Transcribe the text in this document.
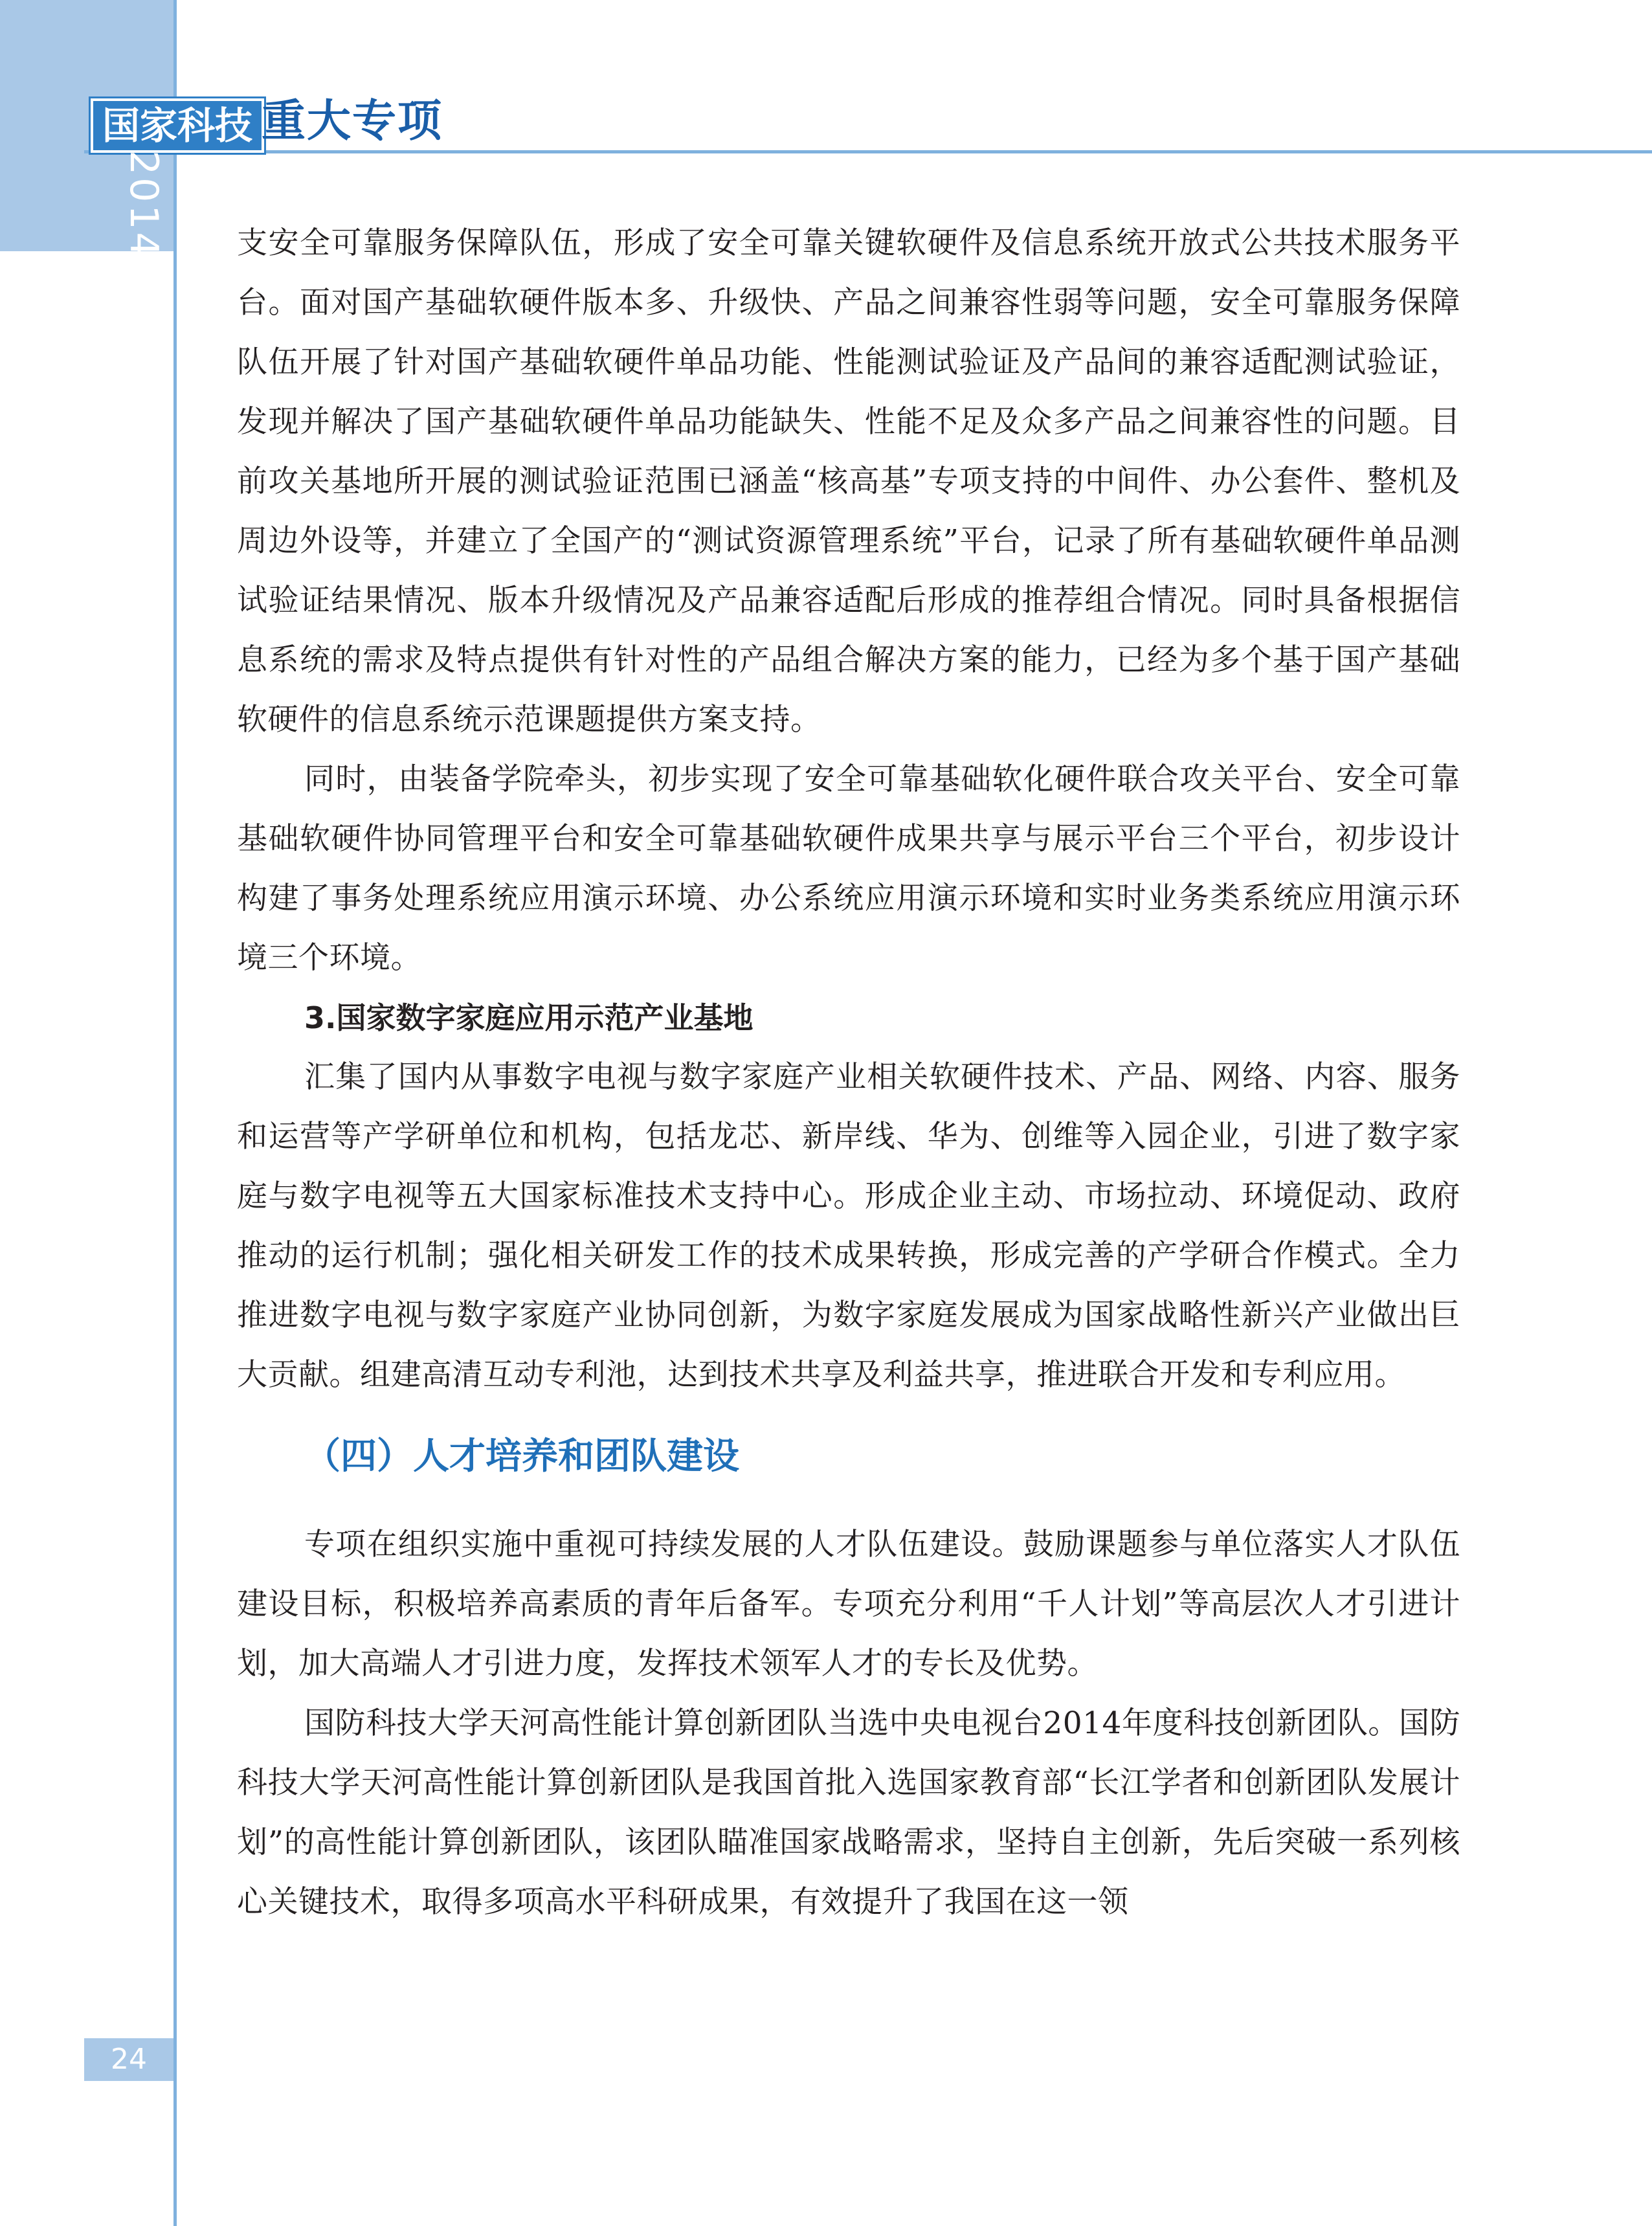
国家科技 重大专项
2014 年度报告 支安全可靠服务保障队伍，形成了安全可靠关键软硬件及信息系统开放式公共技术服务平台。面对国产基础软硬件版本多、升级快、产品之间兼容性弱等问题，安全可靠服务保障队伍开展了针对国产基础软硬件单品功能、性能测试验证及产品间的兼容适配测试验证，发现并解决了国产基础软硬件单品功能缺失、性能不足及众多产品之间兼容性的问题。目前攻关基地所开展的测试验证范围已涵盖“核高基”专项支持的中间件、办公套件、整机及周边外设等，并建立了全国产的“测试资源管理系统”平台，记录了所有基础软硬件单品测试验证结果情况、版本升级情况及产品兼容适配后形成的推荐组合情况。同时具备根据信息系统的需求及特点提供有针对性的产品组合解决方案的能力，已经为多个基于国产基础软硬件的信息系统示范课题提供方案支持。

同时，由装备学院牵头，初步实现了安全可靠基础软化硬件联合攻关平台、安全可靠基础软硬件协同管理平台和安全可靠基础软硬件成果共享与展示平台三个平台，初步设计构建了事务处理系统应用演示环境、办公系统应用演示环境和实时业务类系统应用演示环境三个环境。

3.国家数字家庭应用示范产业基地

汇集了国内从事数字电视与数字家庭产业相关软硬件技术、产品、网络、内容、服务和运营等产学研单位和机构，包括龙芯、新岸线、华为、创维等入园企业，引进了数字家庭与数字电视等五大国家标准技术支持中心。形成企业主动、市场拉动、环境促动、政府推动的运行机制；强化相关研发工作的技术成果转换，形成完善的产学研合作模式。全力推进数字电视与数字家庭产业协同创新，为数字家庭发展成为国家战略性新兴产业做出巨大贡献。组建高清互动专利池，达到技术共享及利益共享，推进联合开发和专利应用。

（四）人才培养和团队建设

专项在组织实施中重视可持续发展的人才队伍建设。鼓励课题参与单位落实人才队伍建设目标，积极培养高素质的青年后备军。专项充分利用“千人计划”等高层次人才引进计划，加大高端人才引进力度，发挥技术领军人才的专长及优势。

国防科技大学天河高性能计算创新团队当选中央电视台2014年度科技创新团队。国防科技大学天河高性能计算创新团队是我国首批入选国家教育部“长江学者和创新团队发展计划”的高性能计算创新团队，该团队瞄准国家战略需求，坚持自主创新，先后突破一系列核心关键技术，取得多项高水平科研成果，有效提升了我国在这一领

24
